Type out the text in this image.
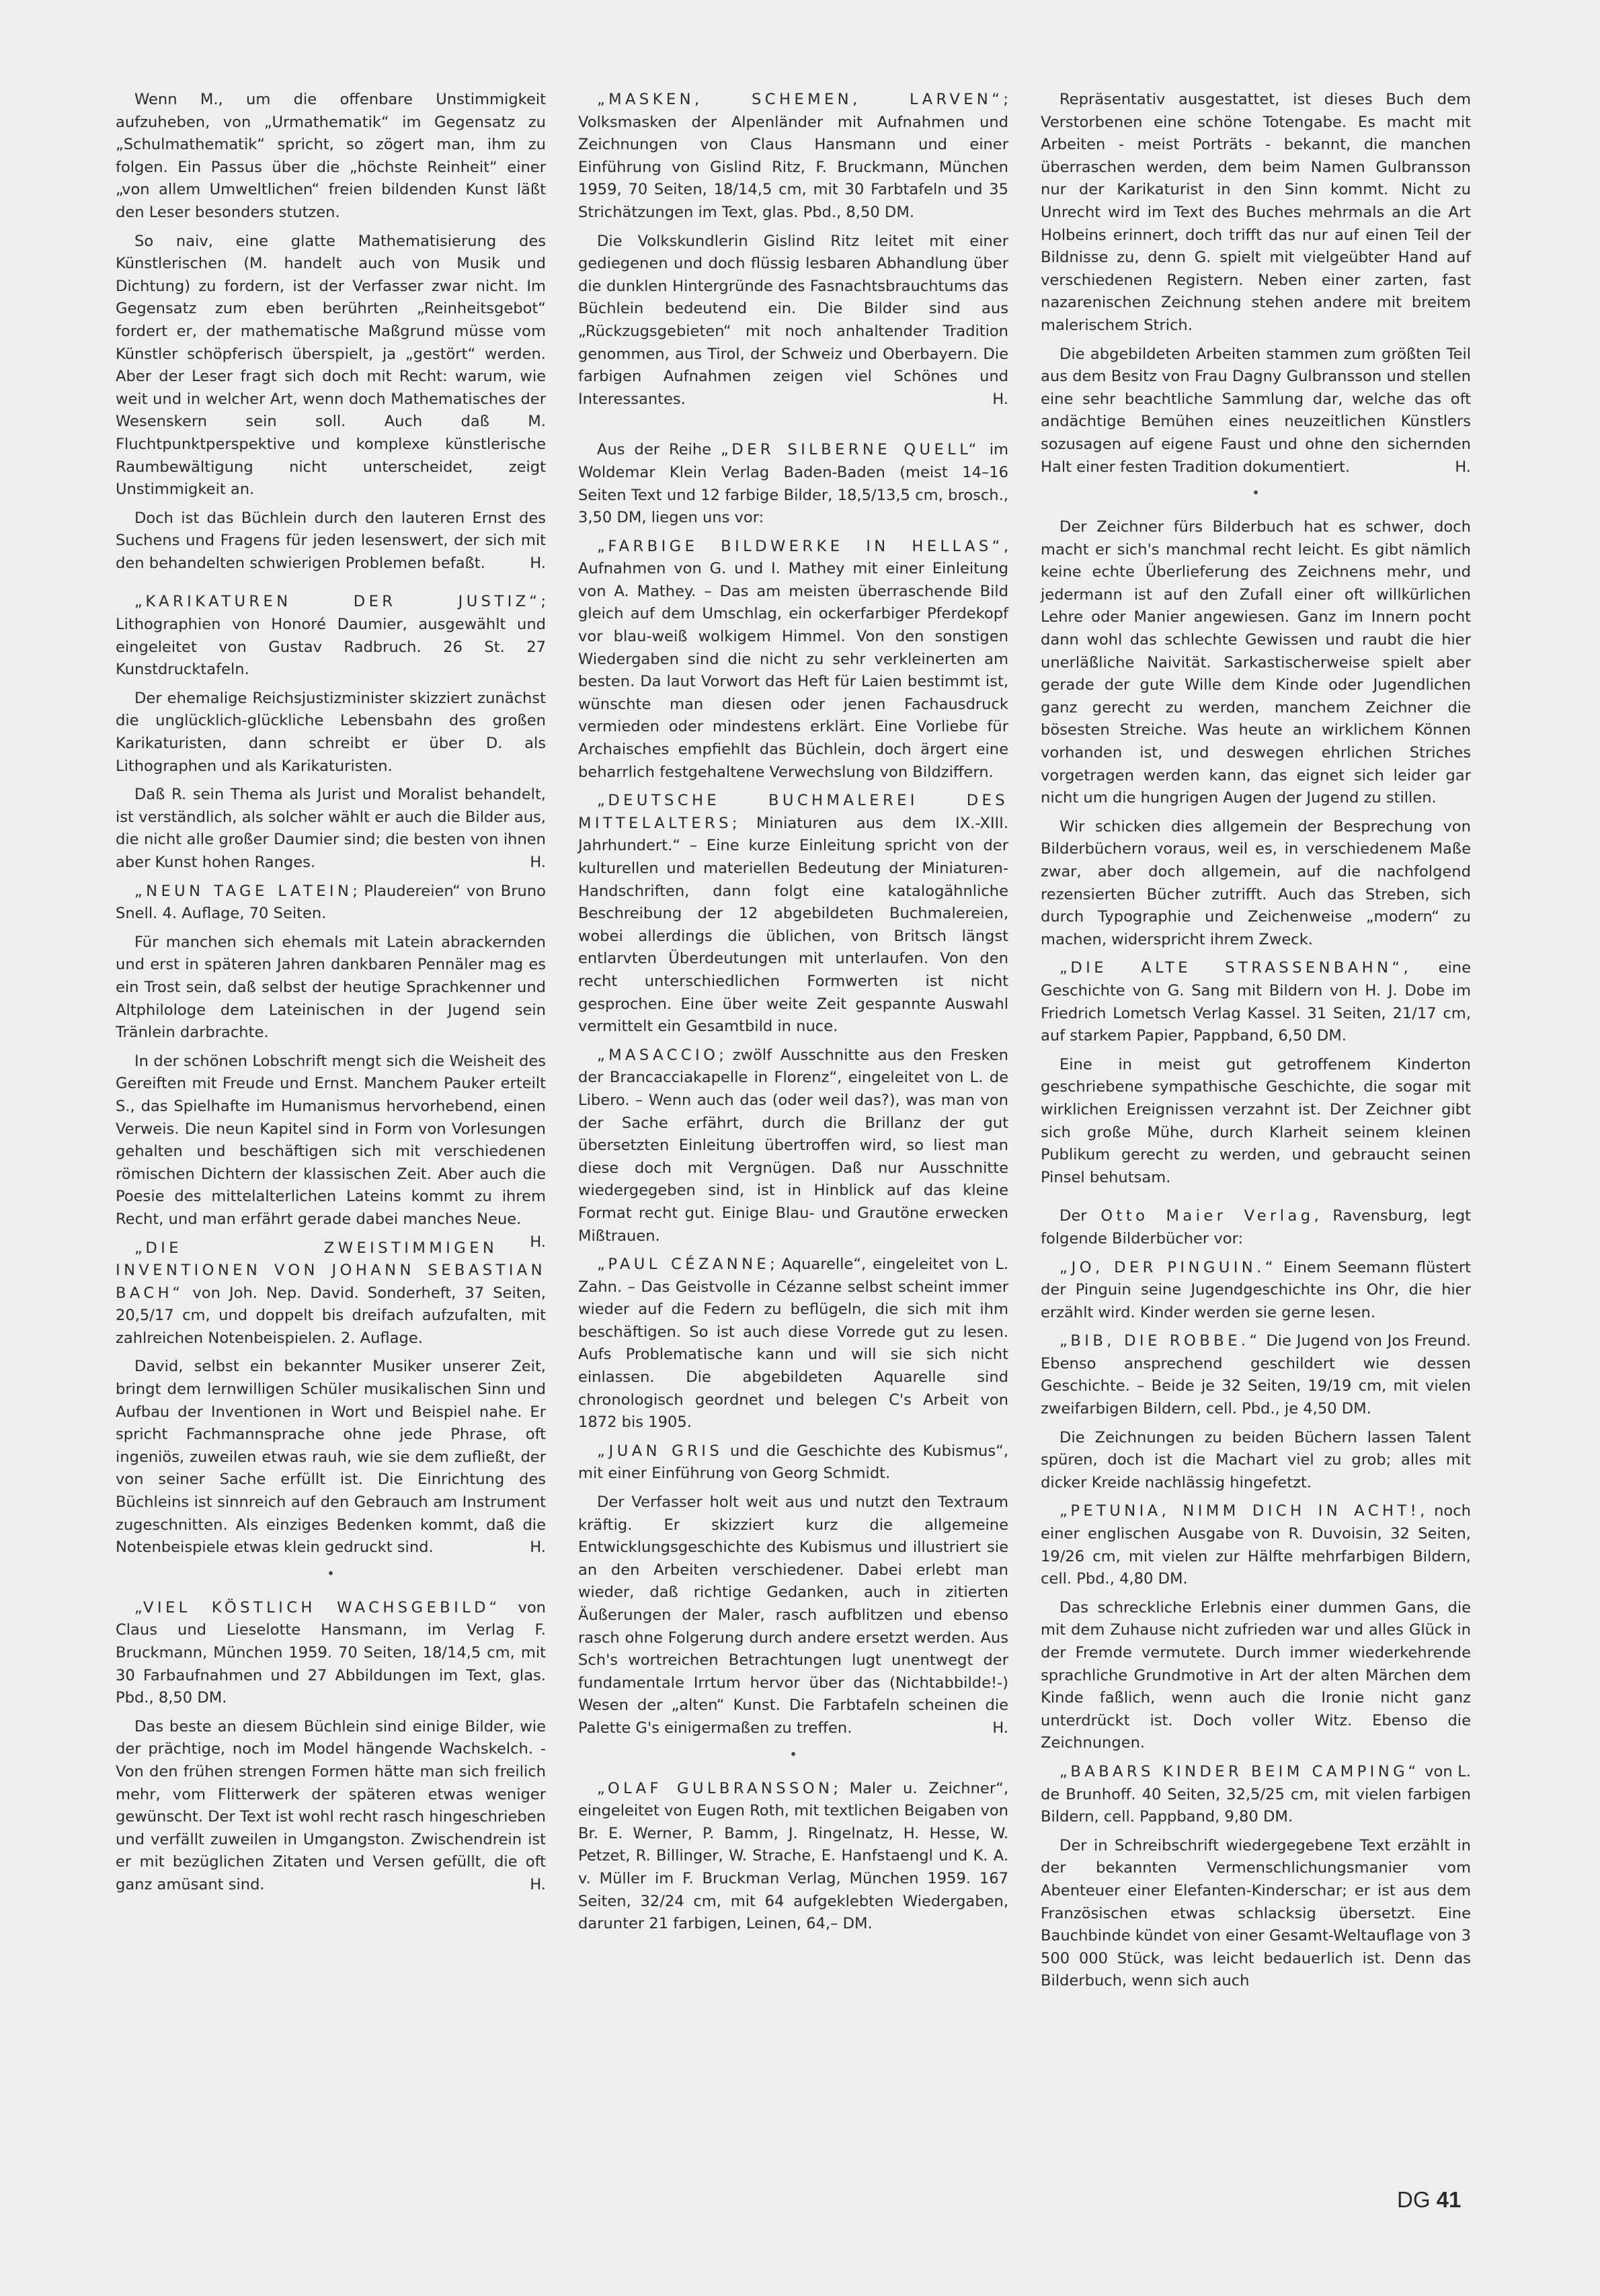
Wenn M., um die offenbare Unstimmigkeit aufzuheben, von „Urmathematik“ im Gegensatz zu „Schulmathematik“ spricht, so zögert man, ihm zu folgen. Ein Passus über die „höchste Reinheit“ einer „von allem Umweltlichen“ freien bildenden Kunst läßt den Leser besonders stutzen.

So naiv, eine glatte Mathematisierung des Künstlerischen (M. handelt auch von Musik und Dichtung) zu fordern, ist der Verfasser zwar nicht. Im Gegensatz zum eben berührten „Reinheitsgebot“ fordert er, der mathematische Maßgrund müsse vom Künstler schöpferisch überspielt, ja „gestört“ werden. Aber der Leser fragt sich doch mit Recht: warum, wie weit und in welcher Art, wenn doch Mathematisches der Wesenskern sein soll. Auch daß M. Fluchtpunktperspektive und komplexe künstlerische Raumbewältigung nicht unterscheidet, zeigt Unstimmigkeit an.

Doch ist das Büchlein durch den lauteren Ernst des Suchens und Fragens für jeden lesenswert, der sich mit den behandelten schwierigen Problemen befaßt.	H.

„KARIKATUREN DER JUSTIZ“; Lithographien von Honoré Daumier, ausgewählt und eingeleitet von Gustav Radbruch. 26 St. 27 Kunstdrucktafeln.

Der ehemalige Reichsjustizminister skizziert zunächst die unglücklich-glückliche Lebensbahn des großen Karikaturisten, dann schreibt er über D. als Lithographen und als Karikaturisten.

Daß R. sein Thema als Jurist und Moralist behandelt, ist verständlich, als solcher wählt er auch die Bilder aus, die nicht alle großer Daumier sind; die besten von ihnen aber Kunst hohen Ranges.	H.

„NEUN TAGE LATEIN; Plaudereien“ von Bruno Snell. 4. Auflage, 70 Seiten.

Für manchen sich ehemals mit Latein abrackernden und erst in späteren Jahren dankbaren Pennäler mag es ein Trost sein, daß selbst der heutige Sprachkenner und Altphilologe dem Lateinischen in der Jugend sein Tränlein darbrachte.

In der schönen Lobschrift mengt sich die Weisheit des Gereiften mit Freude und Ernst. Manchem Pauker erteilt S., das Spielhafte im Humanismus hervorhebend, einen Verweis. Die neun Kapitel sind in Form von Vorlesungen gehalten und beschäftigen sich mit verschiedenen römischen Dichtern der klassischen Zeit. Aber auch die Poesie des mittelalterlichen Lateins kommt zu ihrem Recht, und man erfährt gerade dabei manches Neue.
H.

„DIE ZWEISTIMMIGEN INVENTIONEN VON JOHANN SEBASTIAN BACH“ von Joh. Nep. David. Sonderheft, 37 Seiten, 20,5/17 cm, und doppelt bis dreifach aufzufalten, mit zahlreichen Notenbeispielen. 2. Auflage.

David, selbst ein bekannter Musiker unserer Zeit, bringt dem lernwilligen Schüler musikalischen Sinn und Aufbau der Inventionen in Wort und Beispiel nahe. Er spricht Fachmannsprache ohne jede Phrase, oft ingeniös, zuweilen etwas rauh, wie sie dem zufließt, der von seiner Sache erfüllt ist. Die Einrichtung des Büchleins ist sinnreich auf den Gebrauch am Instrument zugeschnitten. Als einziges Bedenken kommt, daß die Notenbeispiele etwas klein gedruckt sind.	H.

•

„VIEL KÖSTLICH WACHSGEBILD“ von Claus und Lieselotte Hansmann, im Verlag F. Bruckmann, München 1959. 70 Seiten, 18/14,5 cm, mit 30 Farbaufnahmen und 27 Abbildungen im Text, glas. Pbd., 8,50 DM.

Das beste an diesem Büchlein sind einige Bilder, wie der prächtige, noch im Model hängende Wachskelch. - Von den frühen strengen Formen hätte man sich freilich mehr, vom Flitterwerk der späteren etwas weniger gewünscht. Der Text ist wohl recht rasch hingeschrieben und verfällt zuweilen in Umgangston. Zwischendrein ist er mit bezüglichen Zitaten und Versen gefüllt, die oft ganz amüsant sind.	H.

„MASKEN, SCHEMEN, LARVEN“; Volksmasken der Alpenländer mit Aufnahmen und Zeichnungen von Claus Hansmann und einer Einführung von Gislind Ritz, F. Bruckmann, München 1959, 70 Seiten, 18/14,5 cm, mit 30 Farbtafeln und 35 Strichätzungen im Text, glas. Pbd., 8,50 DM.

Die Volkskundlerin Gislind Ritz leitet mit einer gediegenen und doch flüssig lesbaren Abhandlung über die dunklen Hintergründe des Fasnachtsbrauchtums das Büchlein bedeutend ein. Die Bilder sind aus „Rückzugsgebieten“ mit noch anhaltender Tradition genommen, aus Tirol, der Schweiz und Oberbayern. Die farbigen Aufnahmen zeigen viel Schönes und Interessantes.	H.

Aus der Reihe „DER SILBERNE QUELL“ im Woldemar Klein Verlag Baden-Baden (meist 14–16 Seiten Text und 12 farbige Bilder, 18,5/13,5 cm, brosch., 3,50 DM, liegen uns vor:

„FARBIGE BILDWERKE IN HELLAS“, Aufnahmen von G. und I. Mathey mit einer Einleitung von A. Mathey. – Das am meisten überraschende Bild gleich auf dem Umschlag, ein ockerfarbiger Pferdekopf vor blau-weiß wolkigem Himmel. Von den sonstigen Wiedergaben sind die nicht zu sehr verkleinerten am besten. Da laut Vorwort das Heft für Laien bestimmt ist, wünschte man diesen oder jenen Fachausdruck vermieden oder mindestens erklärt. Eine Vorliebe für Archaisches empfiehlt das Büchlein, doch ärgert eine beharrlich festgehaltene Verwechslung von Bildziffern.

„DEUTSCHE BUCHMALEREI DES MITTELALTERS; Miniaturen aus dem IX.-XIII. Jahrhundert.“ – Eine kurze Einleitung spricht von der kulturellen und materiellen Bedeutung der Miniaturen-Handschriften, dann folgt eine katalogähnliche Beschreibung der 12 abgebildeten Buchmalereien, wobei allerdings die üblichen, von Britsch längst entlarvten Überdeutungen mit unterlaufen. Von den recht unterschiedlichen Formwerten ist nicht gesprochen. Eine über weite Zeit gespannte Auswahl vermittelt ein Gesamtbild in nuce.

„MASACCIO; zwölf Ausschnitte aus den Fresken der Brancacciakapelle in Florenz“, eingeleitet von L. de Libero. – Wenn auch das (oder weil das?), was man von der Sache erfährt, durch die Brillanz der gut übersetzten Einleitung übertroffen wird, so liest man diese doch mit Vergnügen. Daß nur Ausschnitte wiedergegeben sind, ist in Hinblick auf das kleine Format recht gut. Einige Blau- und Grautöne erwecken Mißtrauen.

„PAUL CÉZANNE; Aquarelle“, eingeleitet von L. Zahn. – Das Geistvolle in Cézanne selbst scheint immer wieder auf die Federn zu beflügeln, die sich mit ihm beschäftigen. So ist auch diese Vorrede gut zu lesen. Aufs Problematische kann und will sie sich nicht einlassen. Die abgebildeten Aquarelle sind chronologisch geordnet und belegen C's Arbeit von 1872 bis 1905.

„JUAN GRIS und die Geschichte des Kubismus“, mit einer Einführung von Georg Schmidt.

Der Verfasser holt weit aus und nutzt den Textraum kräftig. Er skizziert kurz die allgemeine Entwicklungsgeschichte des Kubismus und illustriert sie an den Arbeiten verschiedener. Dabei erlebt man wieder, daß richtige Gedanken, auch in zitierten Äußerungen der Maler, rasch aufblitzen und ebenso rasch ohne Folgerung durch andere ersetzt werden. Aus Sch's wortreichen Betrachtungen lugt unentwegt der fundamentale Irrtum hervor über das (Nichtabbilde!-) Wesen der „alten“ Kunst. Die Farbtafeln scheinen die Palette G's einigermaßen zu treffen.	H.

•

„OLAF GULBRANSSON; Maler u. Zeichner“, eingeleitet von Eugen Roth, mit textlichen Beigaben von Br. E. Werner, P. Bamm, J. Ringelnatz, H. Hesse, W. Petzet, R. Billinger, W. Strache, E. Hanfstaengl und K. A. v. Müller im F. Bruckman Verlag, München 1959. 167 Seiten, 32/24 cm, mit 64 aufgeklebten Wiedergaben, darunter 21 farbigen, Leinen, 64,– DM.

Repräsentativ ausgestattet, ist dieses Buch dem Verstorbenen eine schöne Totengabe. Es macht mit Arbeiten - meist Porträts - bekannt, die manchen überraschen werden, dem beim Namen Gulbransson nur der Karikaturist in den Sinn kommt. Nicht zu Unrecht wird im Text des Buches mehrmals an die Art Holbeins erinnert, doch trifft das nur auf einen Teil der Bildnisse zu, denn G. spielt mit vielgeübter Hand auf verschiedenen Registern. Neben einer zarten, fast nazarenischen Zeichnung stehen andere mit breitem malerischem Strich.

Die abgebildeten Arbeiten stammen zum größten Teil aus dem Besitz von Frau Dagny Gulbransson und stellen eine sehr beachtliche Sammlung dar, welche das oft andächtige Bemühen eines neuzeitlichen Künstlers sozusagen auf eigene Faust und ohne den sichernden Halt einer festen Tradition dokumentiert.	H.

•

Der Zeichner fürs Bilderbuch hat es schwer, doch macht er sich's manchmal recht leicht. Es gibt nämlich keine echte Überlieferung des Zeichnens mehr, und jedermann ist auf den Zufall einer oft willkürlichen Lehre oder Manier angewiesen. Ganz im Innern pocht dann wohl das schlechte Gewissen und raubt die hier unerläßliche Naivität. Sarkastischerweise spielt aber gerade der gute Wille dem Kinde oder Jugendlichen ganz gerecht zu werden, manchem Zeichner die bösesten Streiche. Was heute an wirklichem Können vorhanden ist, und deswegen ehrlichen Striches vorgetragen werden kann, das eignet sich leider gar nicht um die hungrigen Augen der Jugend zu stillen.

Wir schicken dies allgemein der Besprechung von Bilderbüchern voraus, weil es, in verschiedenem Maße zwar, aber doch allgemein, auf die nachfolgend rezensierten Bücher zutrifft. Auch das Streben, sich durch Typographie und Zeichenweise „modern“ zu machen, widerspricht ihrem Zweck.

„DIE ALTE STRASSENBAHN“, eine Geschichte von G. Sang mit Bildern von H. J. Dobe im Friedrich Lometsch Verlag Kassel. 31 Seiten, 21/17 cm, auf starkem Papier, Pappband, 6,50 DM.

Eine in meist gut getroffenem Kinderton geschriebene sympathische Geschichte, die sogar mit wirklichen Ereignissen verzahnt ist. Der Zeichner gibt sich große Mühe, durch Klarheit seinem kleinen Publikum gerecht zu werden, und gebraucht seinen Pinsel behutsam.

Der Otto Maier Verlag, Ravensburg, legt folgende Bilderbücher vor:

„JO, DER PINGUIN.“ Einem Seemann flüstert der Pinguin seine Jugendgeschichte ins Ohr, die hier erzählt wird. Kinder werden sie gerne lesen.

„BIB, DIE ROBBE.“ Die Jugend von Jos Freund. Ebenso ansprechend geschildert wie dessen Geschichte. – Beide je 32 Seiten, 19/19 cm, mit vielen zweifarbigen Bildern, cell. Pbd., je 4,50 DM.

Die Zeichnungen zu beiden Büchern lassen Talent spüren, doch ist die Machart viel zu grob; alles mit dicker Kreide nachlässig hingefetzt.

„PETUNIA, NIMM DICH IN ACHT!, noch einer englischen Ausgabe von R. Duvoisin, 32 Seiten, 19/26 cm, mit vielen zur Hälfte mehrfarbigen Bildern, cell. Pbd., 4,80 DM.

Das schreckliche Erlebnis einer dummen Gans, die mit dem Zuhause nicht zufrieden war und alles Glück in der Fremde vermutete. Durch immer wiederkehrende sprachliche Grundmotive in Art der alten Märchen dem Kinde faßlich, wenn auch die Ironie nicht ganz unterdrückt ist. Doch voller Witz. Ebenso die Zeichnungen.

„BABARS KINDER BEIM CAMPING“ von L. de Brunhoff. 40 Seiten, 32,5/25 cm, mit vielen farbigen Bildern, cell. Pappband, 9,80 DM.

Der in Schreibschrift wiedergegebene Text erzählt in der bekannten Vermenschlichungsmanier vom Abenteuer einer Elefanten-Kinderschar; er ist aus dem Französischen etwas schlacksig übersetzt. Eine Bauchbinde kündet von einer Gesamt-Weltauflage von 3 500 000 Stück, was leicht bedauerlich ist. Denn das Bilderbuch, wenn sich auch

DG 41
